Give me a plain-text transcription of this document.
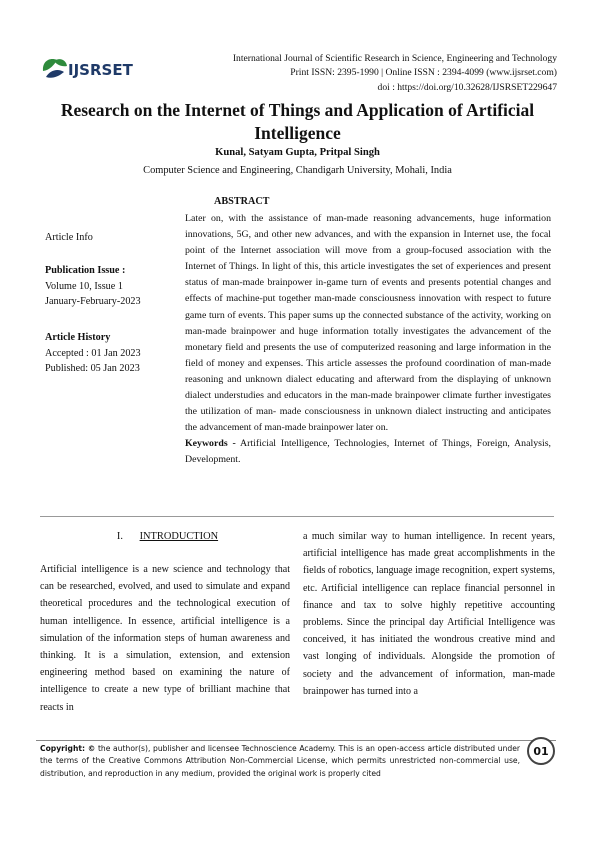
IJSRSET
International Journal of Scientific Research in Science, Engineering and Technology
Print ISSN: 2395-1990 | Online ISSN : 2394-4099 (www.ijsrset.com)
doi : https://doi.org/10.32628/IJSRSET229647
Research on the Internet of Things and Application of Artificial
Intelligence
Kunal, Satyam Gupta, Pritpal Singh
Computer Science and Engineering, Chandigarh University, Mohali, India
Article Info
Publication Issue :
Volume 10, Issue 1
January-February-2023
Article History
Accepted : 01 Jan 2023
Published: 05 Jan 2023
ABSTRACT
Later on, with the assistance of man-made reasoning advancements, huge information innovations, 5G, and other new advances, and with the expansion in Internet use, the focal point of the Internet association will move from a group-focused association with the Internet of Things. In light of this, this article investigates the set of experiences and present status of man-made brainpower in-game turn of events and presents potential changes and effects of machine-put together man-made consciousness innovation with respect to future game turn of events. This paper sums up the connected substance of the activity, working on man-made brainpower and huge information totally investigates the advancement of the monetary field and presents the use of computerized reasoning and large information in the field of money and expenses. This article assesses the profound coordination of man-made reasoning and unknown dialect educating and afterward from the displaying of unknown dialect understudies and educators in the man-made brainpower climate further investigates the utilization of man- made consciousness in unknown dialect instructing and anticipates the advancement of man-made brainpower later on.
Keywords - Artificial Intelligence, Technologies, Internet of Things, Foreign, Analysis, Development.
I. INTRODUCTION
Artificial intelligence is a new science and technology that can be researched, evolved, and used to simulate and expand theoretical procedures and the technological execution of human intelligence. In essence, artificial intelligence is a simulation of the information steps of human awareness and thinking. It is a simulation, extension, and extension engineering method based on examining the nature of intelligence to create a new type of brilliant machine that reacts in
a much similar way to human intelligence. In recent years, artificial intelligence has made great accomplishments in the fields of robotics, language image recognition, expert systems, etc. Artificial intelligence can replace financial personnel in finance and tax to solve highly repetitive accounting problems. Since the principal day Artificial Intelligence was conceived, it has initiated the wondrous creative mind and vast longing of individuals. Alongside the promotion of society and the advancement of information, man-made brainpower has turned into a
Copyright: © the author(s), publisher and licensee Technoscience Academy. This is an open-access article distributed under the terms of the Creative Commons Attribution Non-Commercial License, which permits unrestricted non-commercial use, distribution, and reproduction in any medium, provided the original work is properly cited
01
